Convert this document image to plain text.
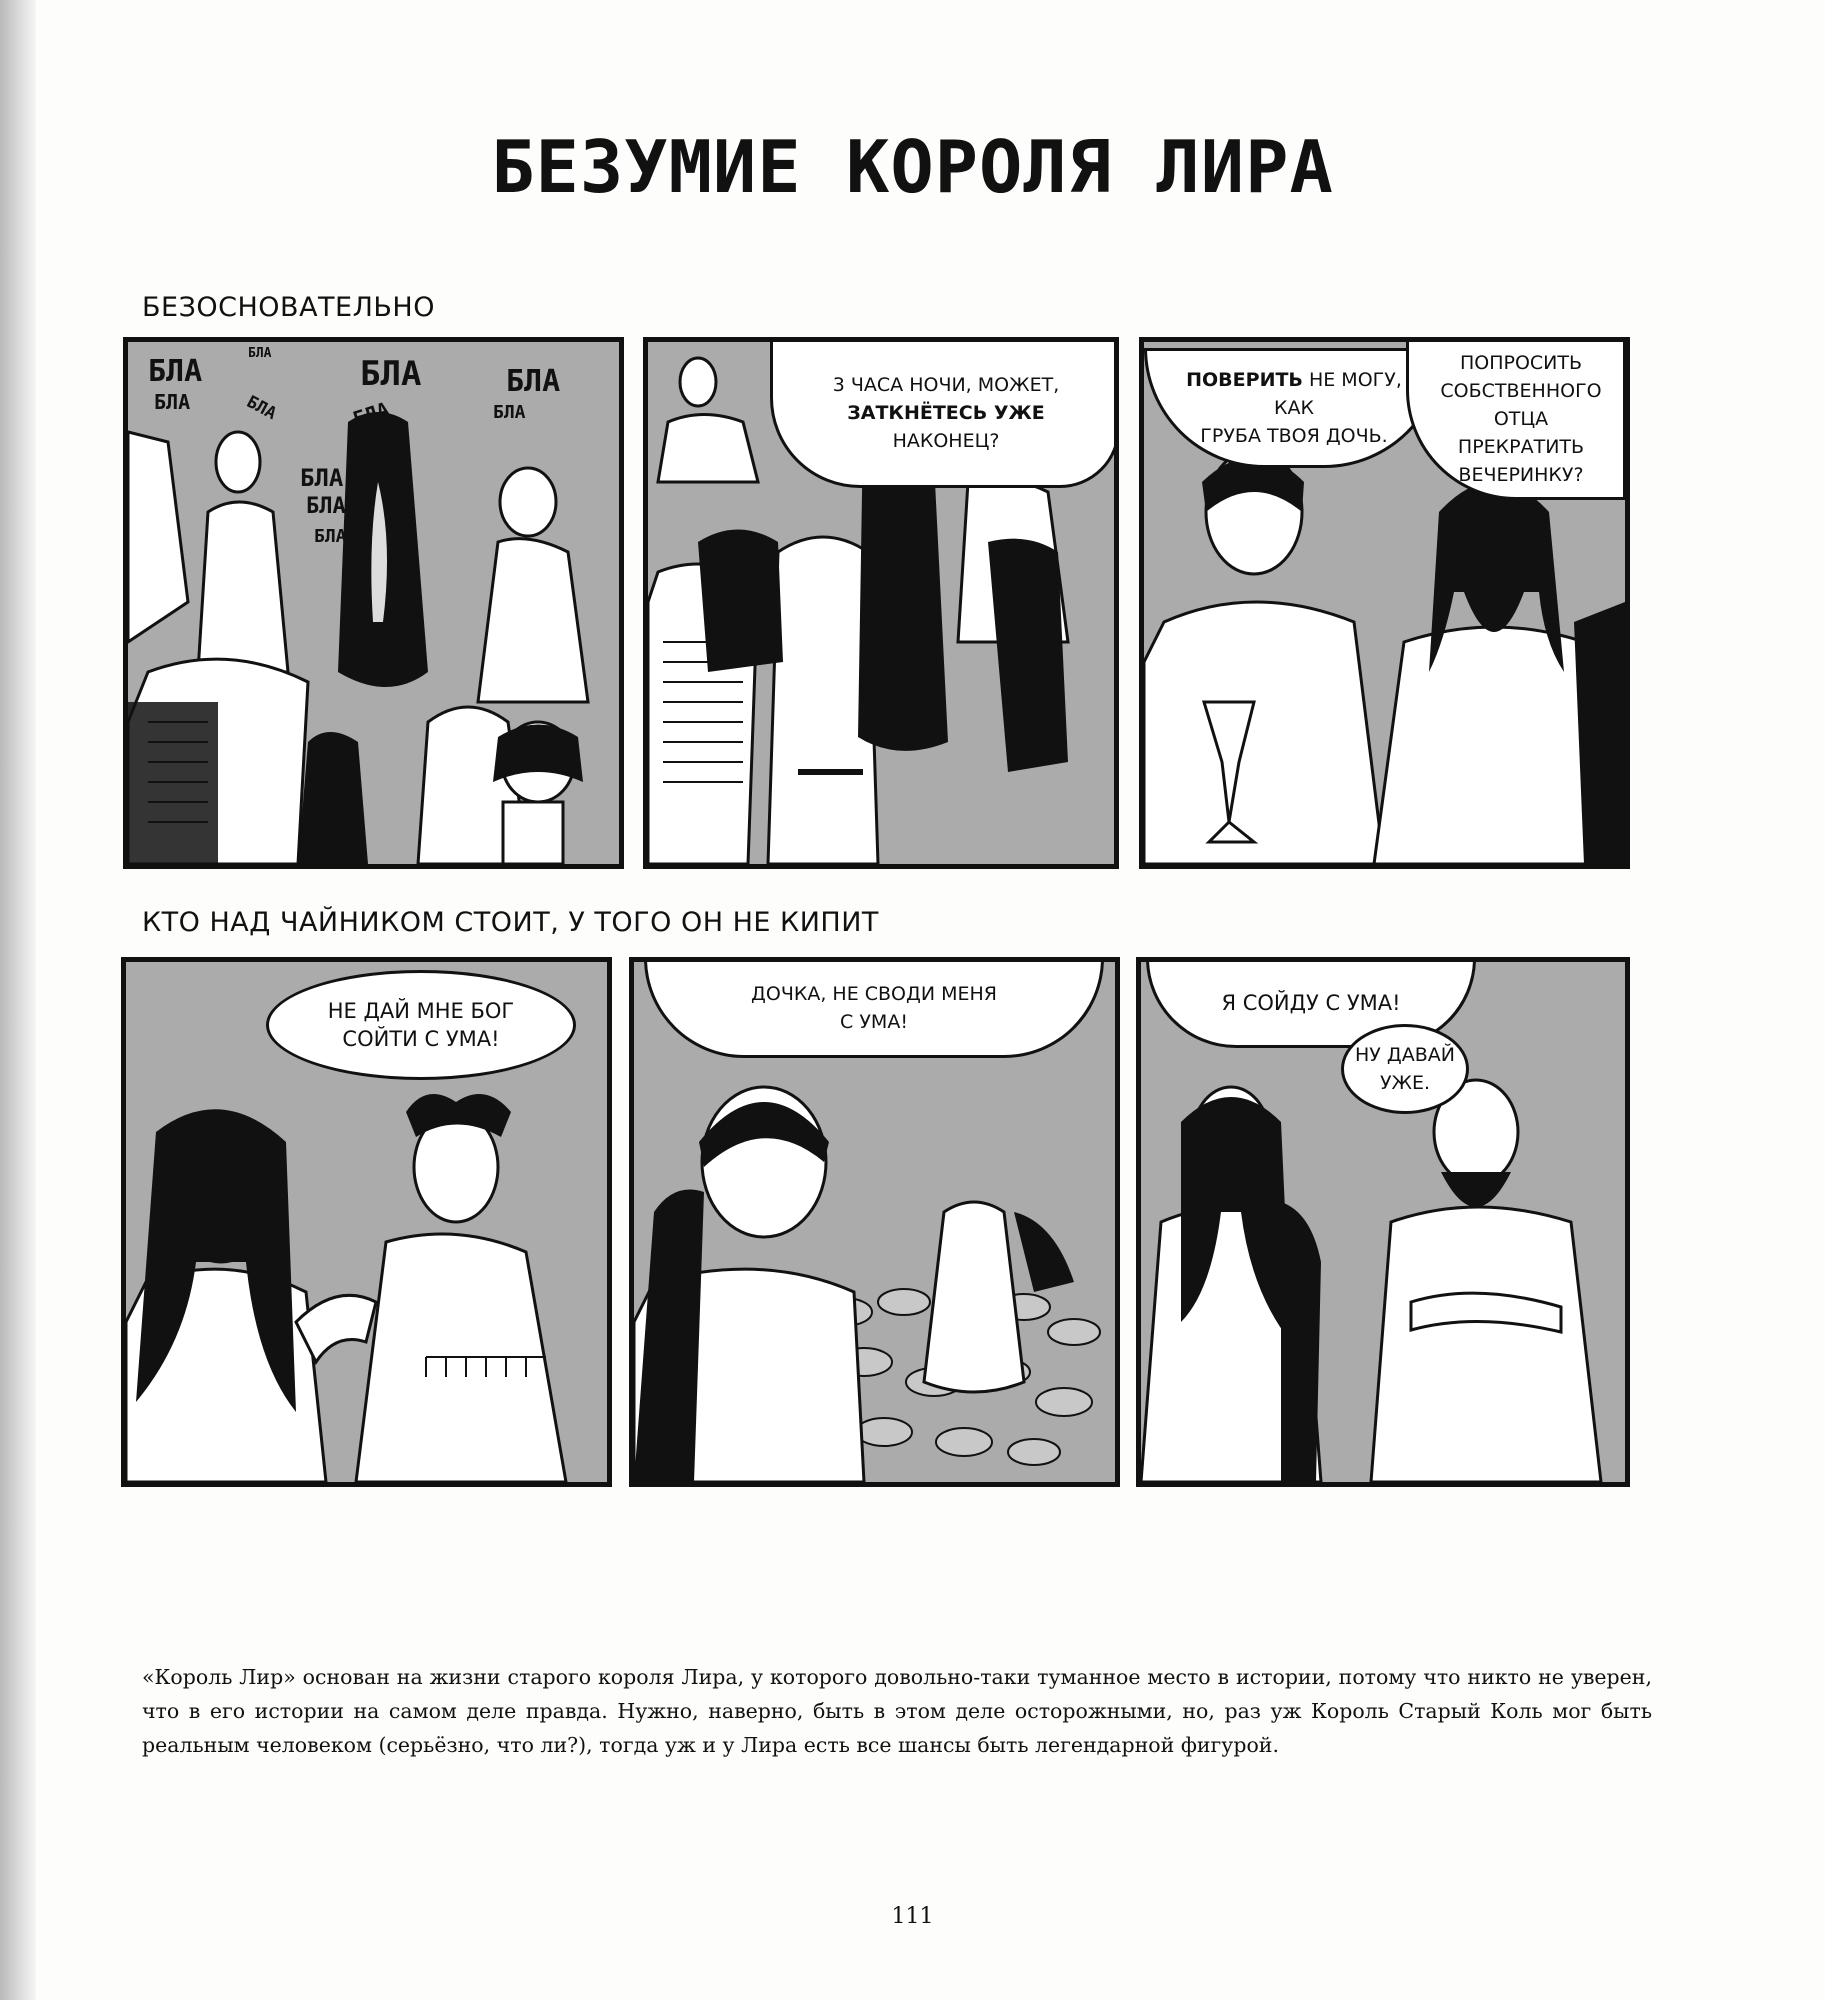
БЕЗУМИЕ КОРОЛЯ ЛИРА
БЕЗОСНОВАТЕЛЬНО
БЛА
БЛА	БЛА
БЛА
БЛА
БЛА
БЛА
БЛА
БЛА
БЛА
БЛА
3 ЧАСА НОЧИ, МОЖЕТ,
ЗАТКНЁТЕСЬ УЖЕ
НАКОНЕЦ?
ПОВЕРИТЬ НЕ МОГУ, КАК
ГРУБА ТВОЯ ДОЧЬ.
ПОПРОСИТЬ
СОБСТВЕННОГО
ОТЦА ПРЕКРАТИТЬ
ВЕЧЕРИНКУ?
КТО НАД ЧАЙНИКОМ СТОИТ, У ТОГО ОН НЕ КИПИТ
НЕ ДАЙ МНЕ БОГ
СОЙТИ С УМА!
ДОЧКА, НЕ СВОДИ МЕНЯ
С УМА!
Я СОЙДУ С УМА!
НУ ДАВАЙ
УЖЕ.

«Король Лир» основан на жизни старого короля Лира, у которого довольно-таки туманное место в истории, потому что никто не уверен, что в его истории на самом деле правда. Нужно, наверно, быть в этом деле осторожными, но, раз уж Король Старый Коль мог быть реальным человеком (серьёзно, что ли?), тогда уж и у Лира есть все шансы быть легендарной фигурой.

111
